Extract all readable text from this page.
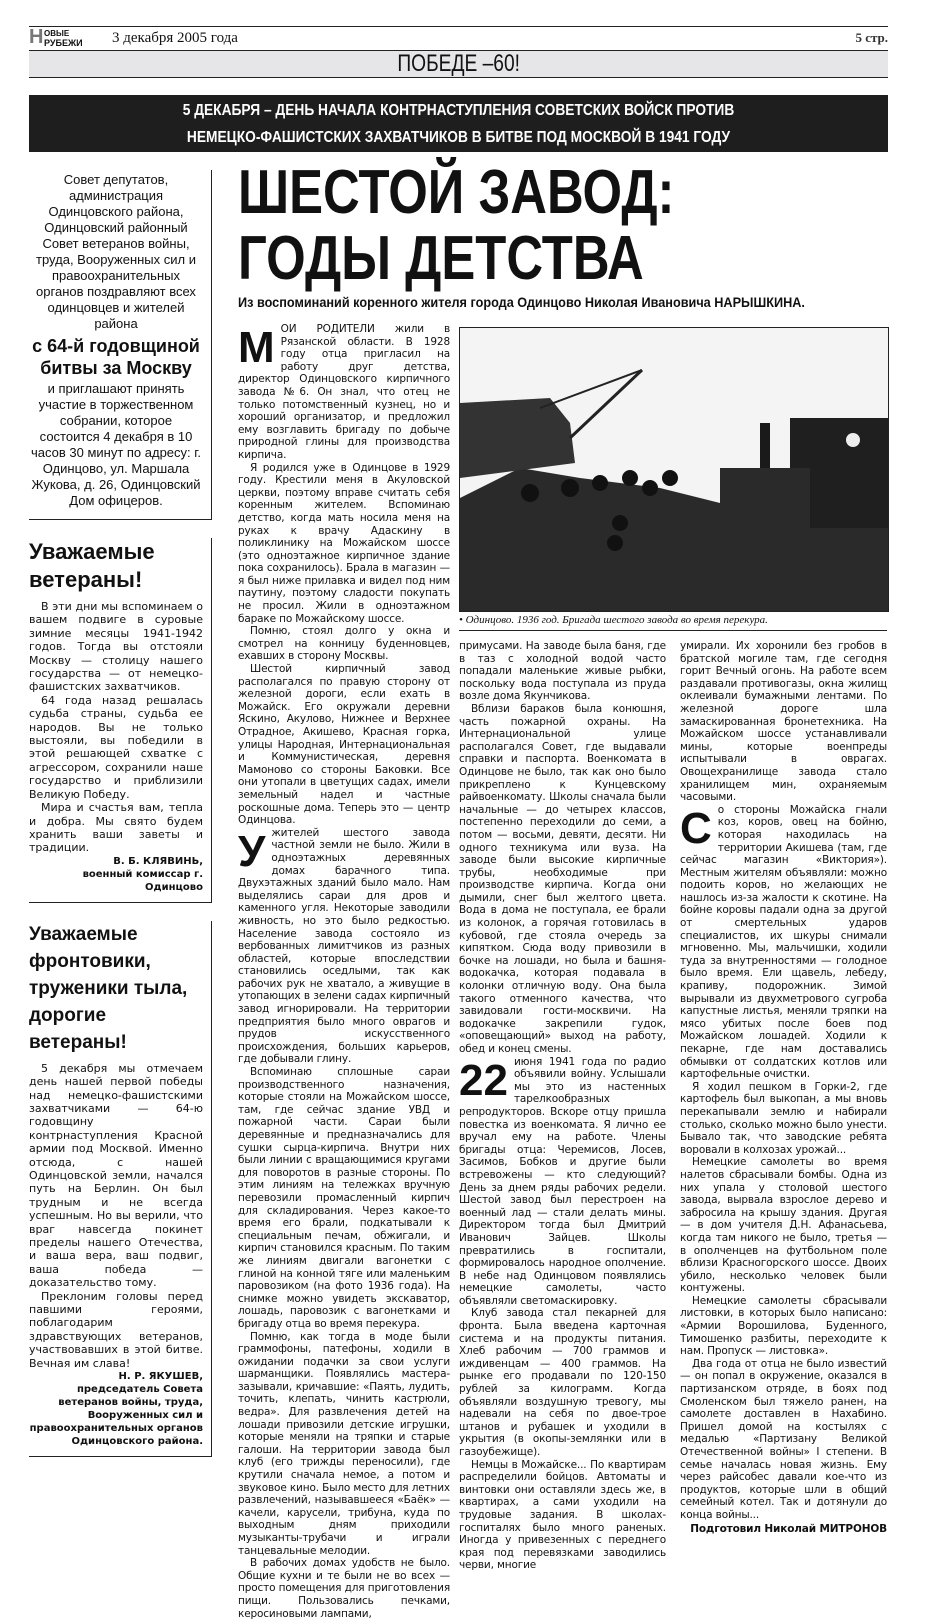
Н ОВЫЕ
РУБЕЖИ 3 декабря 2005 года	5 стр.
ПОБЕДЕ –60!
5 ДЕКАБРЯ – ДЕНЬ НАЧАЛА КОНТРНАСТУПЛЕНИЯ СОВЕТСКИХ ВОЙСК ПРОТИВ
НЕМЕЦКО-ФАШИСТСКИХ ЗАХВАТЧИКОВ В БИТВЕ ПОД МОСКВОЙ В 1941 ГОДУ
Совет депутатов, администрация Одинцовского района, Одинцовский районный Совет ветеранов войны, труда, Вооруженных сил и правоохранительных органов поздравляют всех одинцовцев и жителей района
с 64-й годовщиной битвы за Москву
и приглашают принять участие в торжественном собрании, которое состоится 4 декабря в 10 часов 30 минут по адресу: г. Одинцово, ул. Маршала Жукова, д. 26, Одинцовский Дом офицеров.
Уважаемые ветераны!

В эти дни мы вспоминаем о вашем подвиге в суровые зимние месяцы 1941-1942 годов. Тогда вы отстояли Москву — столицу нашего государства — от немецко-фашистских захватчиков.

64 года назад решалась судьба страны, судьба ее народов. Вы не только выстояли, вы победили в этой решающей схватке с агрессором, сохранили наше государство и приблизили Великую Победу.

Мира и счастья вам, тепла и добра. Мы свято будем хранить ваши заветы и традиции.

В. Б. КЛЯВИНЬ,
военный комиссар г. Одинцово
Уважаемые фронтовики, труженики тыла, дорогие ветераны!

5 декабря мы отмечаем день нашей первой победы над немецко-фашистскими захватчиками — 64-ю годовщину контрнаступления Красной армии под Москвой. Именно отсюда, с нашей Одинцовской земли, начался путь на Берлин. Он был трудным и не всегда успешным. Но вы верили, что враг навсегда покинет пределы нашего Отечества, и ваша вера, ваш подвиг, ваша победа — доказательство тому.

Преклоним головы перед павшими героями, поблагодарим здравствующих ветеранов, участвовавших в этой битве. Вечная им слава!

Н. Р. ЯКУШЕВ,
председатель Совета ветеранов войны, труда, Вооруженных сил и правоохранительных органов Одинцовского района.
ШЕСТОЙ ЗАВОД:
ГОДЫ ДЕТСТВА
Из воспоминаний коренного жителя города Одинцово Николая Ивановича НАРЫШКИНА.
• Одинцово. 1936 год. Бригада шестого завода во время перекура.

МОИ РОДИТЕЛИ жили в Рязанской области. В 1928 году отца пригласил на работу друг детства, директор Одинцовского кирпичного завода №6. Он знал, что отец не только потомственный кузнец, но и хороший организатор, и предложил ему возглавить бригаду по добыче природной глины для производства кирпича.

Я родился уже в Одинцове в 1929 году. Крестили меня в Акуловской церкви, поэтому вправе считать себя коренным жителем. Вспоминаю детство, когда мать носила меня на руках к врачу Адаскину в поликлинику на Можайском шоссе (это одноэтажное кирпичное здание пока сохранилось). Брала в магазин — я был ниже прилавка и видел под ним паутину, поэтому сладости покупать не просил. Жили в одноэтажном бараке по Можайскому шоссе.

Помню, стоял долго у окна и смотрел на конницу буденновцев, ехавших в сторону Москвы.

Шестой кирпичный завод располагался по правую сторону от железной дороги, если ехать в Можайск. Его окружали деревни Яскино, Акулово, Нижнее и Верхнее Отрадное, Акишево, Красная горка, улицы Народная, Интернациональная и Коммунистическая, деревня Мамоново со стороны Баковки. Все они утопали в цветущих садах, имели земельный надел и частные роскошные дома. Теперь это — центр Одинцова.

Ужителей шестого завода частной земли не было. Жили в одноэтажных деревянных домах барачного типа. Двухэтажных зданий было мало. Нам выделялись сараи для дров и каменного угля. Некоторые заводили живность, но это было редкостью. Население завода состояло из вербованных лимитчиков из разных областей, которые впоследствии становились оседлыми, так как рабочих рук не хватало, а живущие в утопающих в зелени садах кирпичный завод игнорировали. На территории предприятия было много оврагов и прудов искусственного происхождения, больших карьеров, где добывали глину.

Вспоминаю сплошные сараи производственного назначения, которые стояли на Можайском шоссе, там, где сейчас здание УВД и пожарной части. Сараи были деревянные и предназначались для сушки сырца-кирпича. Внутри них были линии с вращающимися кругами для поворотов в разные стороны. По этим линиям на тележках вручную перевозили промасленный кирпич для складирования. Через какое-то время его брали, подкатывали к специальным печам, обжигали, и кирпич становился красным. По таким же линиям двигали вагонетки с глиной на конной тяге или маленьким паровозиком (на фото 1936 года). На снимке можно увидеть экскаватор, лошадь, паровозик с вагонетками и бригаду отца во время перекура.

Помню, как тогда в моде были граммофоны, патефоны, ходили в ожидании подачки за свои услуги шарманщики. Появлялись мастера-зазывали, кричавшие: «Паять, лудить, точить, клепать, чинить кастрюли, ведра». Для развлечения детей на лошади привозили детские игрушки, которые меняли на тряпки и старые галоши. На территории завода был клуб (его трижды переносили), где крутили сначала немое, а потом и звуковое кино. Было место для летних развлечений, называвшееся «Баёк» — качели, карусели, трибуна, куда по выходным дням приходили музыканты-трубачи и играли танцевальные мелодии.

В рабочих домах удобств не было. Общие кухни и те были не во всех — просто помещения для приготовления пищи. Пользовались печками, керосиновыми лампами,

примусами. На заводе была баня, где в таз с холодной водой часто попадали маленькие живые рыбки, поскольку вода поступала из пруда возле дома Якунчикова.

Вблизи бараков была конюшня, часть пожарной охраны. На Интернациональной улице располагался Совет, где выдавали справки и паспорта. Военкомата в Одинцове не было, так как оно было прикреплено к Кунцевскому райвоенкомату. Школы сначала были начальные — до четырех классов, постепенно переходили до семи, а потом — восьми, девяти, десяти. Ни одного техникума или вуза. На заводе были высокие кирпичные трубы, необходимые при производстве кирпича. Когда они дымили, снег был желтого цвета. Вода в дома не поступала, ее брали из колонок, а горячая готовилась в кубовой, где стояла очередь за кипятком. Сюда воду привозили в бочке на лошади, но была и башня-водокачка, которая подавала в колонки отличную воду. Она была такого отменного качества, что завидовали гости-москвичи. На водокачке закрепили гудок, «оповещающий» выход на работу, обед и конец смены.

22 июня 1941 года по радио объявили войну. Услышали мы это из настенных тарелкообразных репродукторов. Вскоре отцу пришла повестка из военкомата. Я лично ее вручал ему на работе. Члены бригады отца: Черемисов, Лосев, Засимов, Бобков и другие были встревожены — кто следующий? День за днем ряды рабочих редели. Шестой завод был перестроен на военный лад — стали делать мины. Директором тогда был Дмитрий Иванович Зайцев. Школы превратились в госпитали, формировалось народное ополчение. В небе над Одинцовом появлялись немецкие самолеты, часто объявляли светомаскировку.

Клуб завода стал пекарней для фронта. Была введена карточная система и на продукты питания. Хлеб рабочим — 700 граммов и иждивенцам — 400 граммов. На рынке его продавали по 120-150 рублей за килограмм. Когда объявляли воздушную тревогу, мы надевали на себя по двое-трое штанов и рубашек и уходили в укрытия (в окопы-землянки или в газоубежище).

Немцы в Можайске... По квартирам распределили бойцов. Автоматы и винтовки они оставляли здесь же, в квартирах, а сами уходили на трудовые задания. В школах-госпиталях было много раненых. Иногда у привезенных с переднего края под перевязками заводились черви, многие

умирали. Их хоронили без гробов в братской могиле там, где сегодня горит Вечный огонь. На работе всем раздавали противогазы, окна жилищ оклеивали бумажными лентами. По железной дороге шла замаскированная бронетехника. На Можайском шоссе устанавливали мины, которые военпреды испытывали в оврагах. Овощехранилище завода стало хранилищем мин, охраняемым часовыми.

Со стороны Можайска гнали коз, коров, овец на бойню, которая находилась на территории Акишева (там, где сейчас магазин «Виктория»). Местным жителям объявляли: можно подоить коров, но желающих не нашлось из-за жалости к скотине. На бойне коровы падали одна за другой от смертельных ударов специалистов, их шкуры снимали мгновенно. Мы, мальчишки, ходили туда за внутренностями — голодное было время. Ели щавель, лебеду, крапиву, подорожник. Зимой вырывали из двухметрового сугроба капустные листья, меняли тряпки на мясо убитых после боев под Можайском лошадей. Ходили к пекарне, где нам доставались обмывки от солдатских котлов или картофельные очистки.

Я ходил пешком в Горки-2, где картофель был выкопан, а мы вновь перекапывали землю и набирали столько, сколько можно было унести. Бывало так, что заводские ребята воровали в колхозах урожай...

Немецкие самолеты во время налетов сбрасывали бомбы. Одна из них упала у столовой шестого завода, вырвала взрослое дерево и забросила на крышу здания. Другая — в дом учителя Д.Н. Афанасьева, когда там никого не было, третья — в ополченцев на футбольном поле вблизи Красногорского шоссе. Двоих убило, несколько человек были контужены.

Немецкие самолеты сбрасывали листовки, в которых было написано: «Армии Ворошилова, Буденного, Тимошенко разбиты, переходите к нам. Пропуск — листовка».

Два года от отца не было известий — он попал в окружение, оказался в партизанском отряде, в боях под Смоленском был тяжело ранен, на самолете доставлен в Нахабино. Пришел домой на костылях с медалью «Партизану Великой Отечественной войны» I степени. В семье началась новая жизнь. Ему через райсобес давали кое-что из продуктов, которые шли в общий семейный котел. Так и дотянули до конца войны...

Подготовил Николай МИТРОНОВ
